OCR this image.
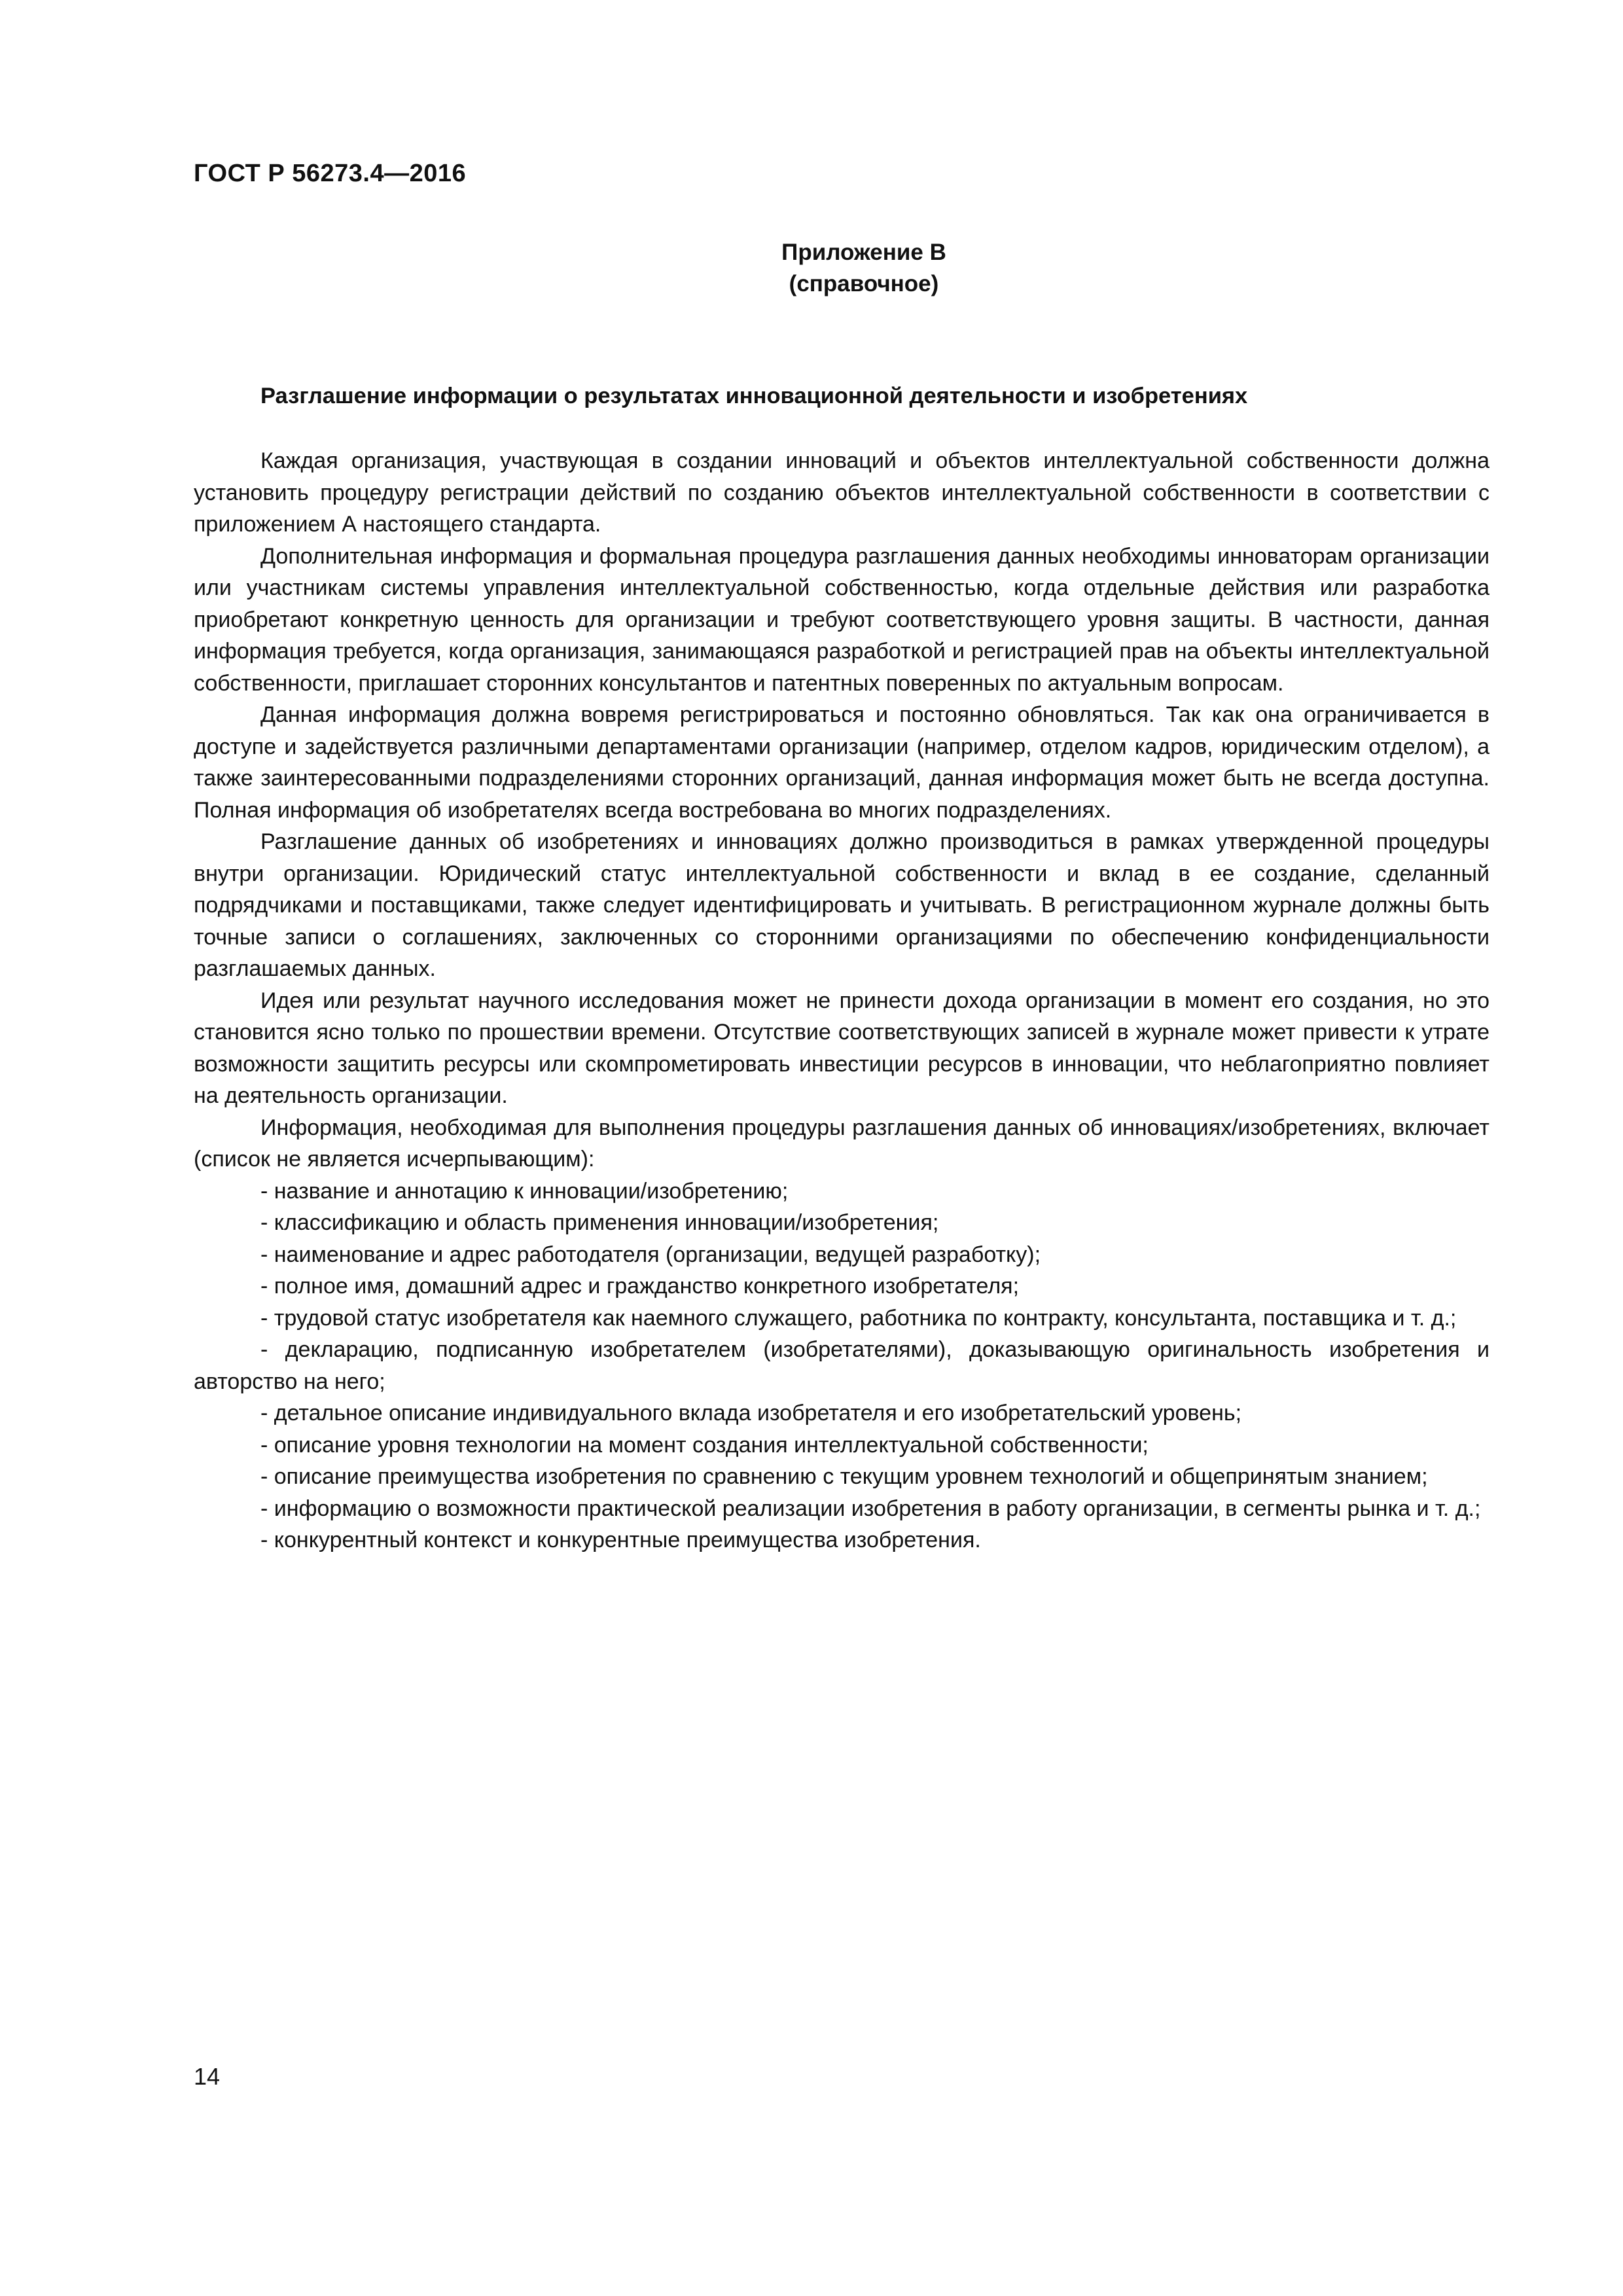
ГОСТ Р 56273.4—2016
Приложение В
(справочное)
Разглашение информации о результатах инновационной деятельности и изобретениях

Каждая организация, участвующая в создании инноваций и объектов интеллектуальной собственности должна установить процедуру регистрации действий по созданию объектов интеллектуальной собственности в соответствии с приложением А настоящего стандарта.

Дополнительная информация и формальная процедура разглашения данных необходимы инноваторам организации или участникам системы управления интеллектуальной собственностью, когда отдельные действия или разработка приобретают конкретную ценность для организации и требуют соответствующего уровня защиты. В частности, данная информация требуется, когда организация, занимающаяся разработкой и регистрацией прав на объекты интеллектуальной собственности, приглашает сторонних консультантов и патентных поверенных по актуальным вопросам.

Данная информация должна вовремя регистрироваться и постоянно обновляться. Так как она ограничивается в доступе и задействуется различными департаментами организации (например, отделом кадров, юридическим отделом), а также заинтересованными подразделениями сторонних организаций, данная информация может быть не всегда доступна. Полная информация об изобретателях всегда востребована во многих подразделениях.

Разглашение данных об изобретениях и инновациях должно производиться в рамках утвержденной процедуры внутри организации. Юридический статус интеллектуальной собственности и вклад в ее создание, сделанный подрядчиками и поставщиками, также следует идентифицировать и учитывать. В регистрационном журнале должны быть точные записи о соглашениях, заключенных со сторонними организациями по обеспечению конфиденциальности разглашаемых данных.

Идея или результат научного исследования может не принести дохода организации в момент его создания, но это становится ясно только по прошествии времени. Отсутствие соответствующих записей в журнале может привести к утрате возможности защитить ресурсы или скомпрометировать инвестиции ресурсов в инновации, что неблагоприятно повлияет на деятельность организации.

Информация, необходимая для выполнения процедуры разглашения данных об инновациях/изобретениях, включает (список не является исчерпывающим):

- название и аннотацию к инновации/изобретению;

- классификацию и область применения инновации/изобретения;

- наименование и адрес работодателя (организации, ведущей разработку);

- полное имя, домашний адрес и гражданство конкретного изобретателя;

- трудовой статус изобретателя как наемного служащего, работника по контракту, консультанта, поставщика и т. д.;

- декларацию, подписанную изобретателем (изобретателями), доказывающую оригинальность изобретения и авторство на него;

- детальное описание индивидуального вклада изобретателя и его изобретательский уровень;

- описание уровня технологии на момент создания интеллектуальной собственности;

- описание преимущества изобретения по сравнению с текущим уровнем технологий и общепринятым знанием;

- информацию о возможности практической реализации изобретения в работу организации, в сегменты рынка и т. д.;

- конкурентный контекст и конкурентные преимущества изобретения.

14
